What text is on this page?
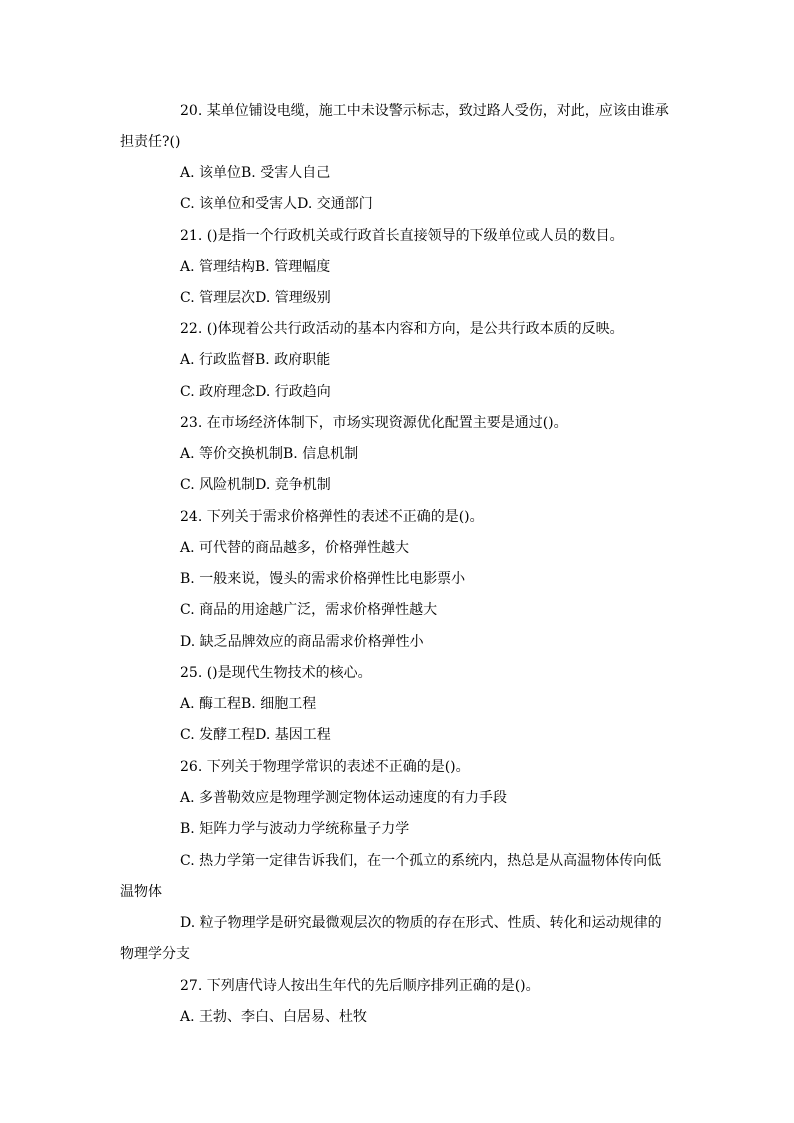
20. 某单位铺设电缆，施工中未设警示标志，致过路人受伤，对此，应该由谁承
担责任?()
A. 该单位B. 受害人自己
C. 该单位和受害人D. 交通部门
21. ()是指一个行政机关或行政首长直接领导的下级单位或人员的数目。
A. 管理结构B. 管理幅度
C. 管理层次D. 管理级别
22. ()体现着公共行政活动的基本内容和方向，是公共行政本质的反映。
A. 行政监督B. 政府职能
C. 政府理念D. 行政趋向
23. 在市场经济体制下，市场实现资源优化配置主要是通过()。
A. 等价交换机制B. 信息机制
C. 风险机制D. 竞争机制
24. 下列关于需求价格弹性的表述不正确的是()。
A. 可代替的商品越多，价格弹性越大
B. 一般来说，馒头的需求价格弹性比电影票小
C. 商品的用途越广泛，需求价格弹性越大
D. 缺乏品牌效应的商品需求价格弹性小
25. ()是现代生物技术的核心。
A. 酶工程B. 细胞工程
C. 发酵工程D. 基因工程
26. 下列关于物理学常识的表述不正确的是()。
A. 多普勒效应是物理学测定物体运动速度的有力手段
B. 矩阵力学与波动力学统称量子力学
C. 热力学第一定律告诉我们，在一个孤立的系统内，热总是从高温物体传向低
温物体
D. 粒子物理学是研究最微观层次的物质的存在形式、性质、转化和运动规律的
物理学分支
27. 下列唐代诗人按出生年代的先后顺序排列正确的是()。
A. 王勃、李白、白居易、杜牧
